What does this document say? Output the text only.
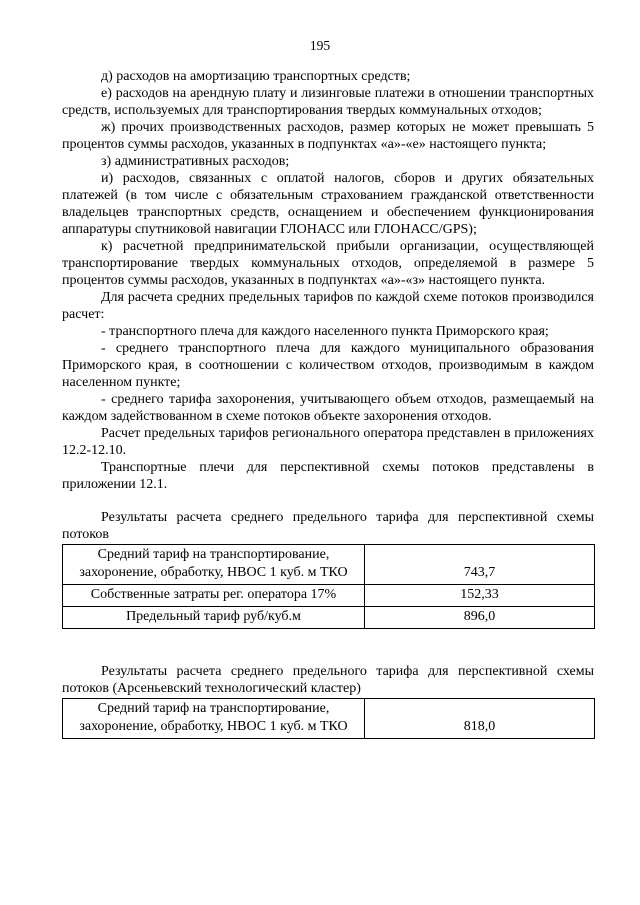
195

д) расходов на амортизацию транспортных средств;

е) расходов на арендную плату и лизинговые платежи в отношении транспортных средств, используемых для транспортирования твердых коммунальных отходов;

ж) прочих производственных расходов, размер которых не может превышать 5 процентов суммы расходов, указанных в подпунктах «а»-«е» настоящего пункта;

з) административных расходов;

и) расходов, связанных с оплатой налогов, сборов и других обязательных платежей (в том числе с обязательным страхованием гражданской ответственности владельцев транспортных средств, оснащением и обеспечением функционирования аппаратуры спутниковой навигации ГЛОНАСС или ГЛОНАСС/GPS);

к) расчетной предпринимательской прибыли организации, осуществляющей транспортирование твердых коммунальных отходов, определяемой в размере 5 процентов суммы расходов, указанных в подпунктах «а»-«з» настоящего пункта.

Для расчета средних предельных тарифов по каждой схеме потоков производился расчет:

- транспортного плеча для каждого населенного пункта Приморского края;

- среднего транспортного плеча для каждого муниципального образования Приморского края, в соотношении с количеством отходов, производимым в каждом населенном пункте;

- среднего тарифа захоронения, учитывающего объем отходов, размещаемый на каждом задействованном в схеме потоков объекте захоронения отходов.

Расчет предельных тарифов регионального оператора представлен в приложениях 12.2-12.10.

Транспортные плечи для перспективной схемы потоков представлены в приложении 12.1.

Результаты расчета среднего предельного тарифа для перспективной схемы потоков

Средний тариф на транспортирование, захоронение, обработку, НВОС 1 куб. м ТКО	743,7
Собственные затраты рег. оператора 17%	152,33
Предельный тариф руб/куб.м	896,0

Результаты расчета среднего предельного тарифа для перспективной схемы потоков (Арсеньевский технологический кластер)

Средний тариф на транспортирование, захоронение, обработку, НВОС 1 куб. м ТКО	818,0
